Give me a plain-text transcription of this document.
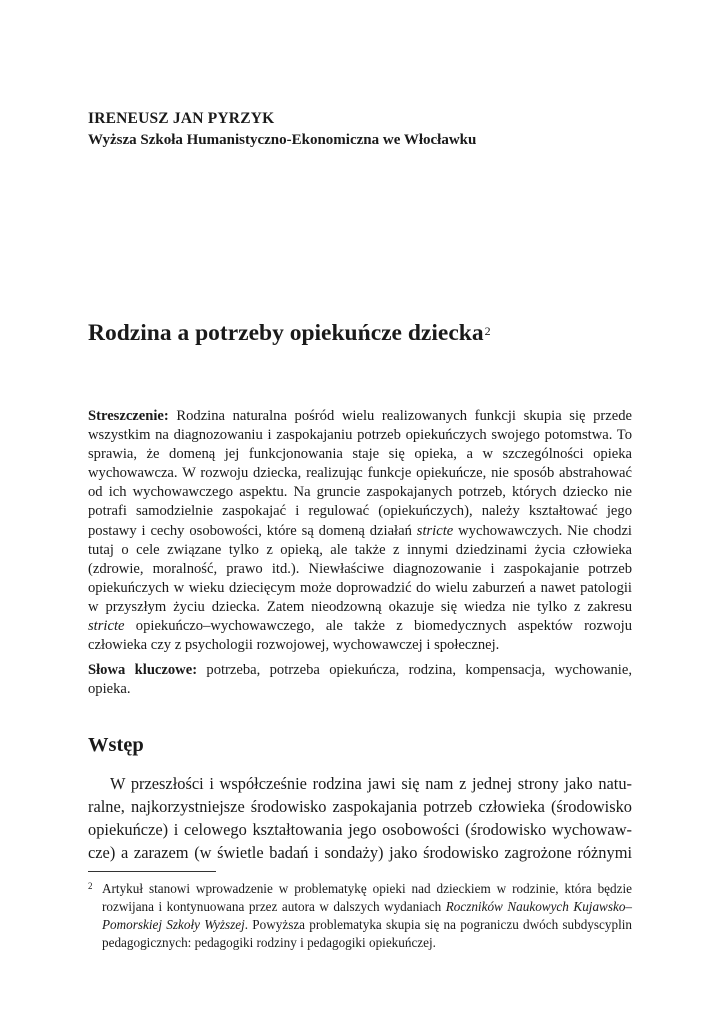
IRENEUSZ JAN PYRZYK
Wyższa Szkoła Humanistyczno-Ekonomiczna we Włocławku
Rodzina a potrzeby opiekuńcze dziecka$^2$

Streszczenie: Rodzina naturalna pośród wielu realizowanych funkcji skupia się przede wszystkim na diagnozowaniu i zaspokajaniu potrzeb opiekuńczych swojego potomstwa. To sprawia, że domeną jej funkcjonowania staje się opieka, a w szczególności opieka wychowawcza. W rozwoju dziecka, realizując funkcje opiekuńcze, nie sposób abstrahować od ich wychowawczego aspektu. Na gruncie zaspokajanych potrzeb, których dziecko nie potrafi samodzielnie zaspokajać i regulować (opiekuńczych), należy kształtować jego postawy i cechy osobowości, które są domeną działań stricte wychowawczych. Nie chodzi tutaj o cele związane tylko z opieką, ale także z innymi dziedzinami życia człowieka (zdrowie, moralność, prawo itd.). Niewłaściwe diagnozowanie i zaspokajanie potrzeb opiekuńczych w wieku dziecięcym może doprowadzić do wielu zaburzeń a nawet patologii w przyszłym życiu dziecka. Zatem nieodzowną okazuje się wiedza nie tylko z zakresu stricte opiekuńczo–wychowawczego, ale także z biomedycznych aspektów rozwoju człowieka czy z psychologii rozwojowej, wychowawczej i społecznej.

Słowa kluczowe: potrzeba, potrzeba opiekuńcza, rodzina, kompensacja, wychowanie, opieka.

Wstęp
W przeszłości i współcześnie rodzina jawi się nam z jednej strony jako natu-
ralne, najkorzystniejsze środowisko zaspokajania potrzeb człowieka (środowisko
opiekuńcze) i celowego kształtowania jego osobowości (środowisko wychowaw-
cze) a zarazem (w świetle badań i sondaży) jako środowisko zagrożone różnymi
2 Artykuł stanowi wprowadzenie w problematykę opieki nad dzieckiem w rodzinie, która będzie rozwijana i kontynuowana przez autora w dalszych wydaniach Roczników Naukowych Kujawsko–Pomorskiej Szkoły Wyższej. Powyższa problematyka skupia się na pograniczu dwóch subdyscyplin pedagogicznych: pedagogiki rodziny i pedagogiki opiekuńczej.
